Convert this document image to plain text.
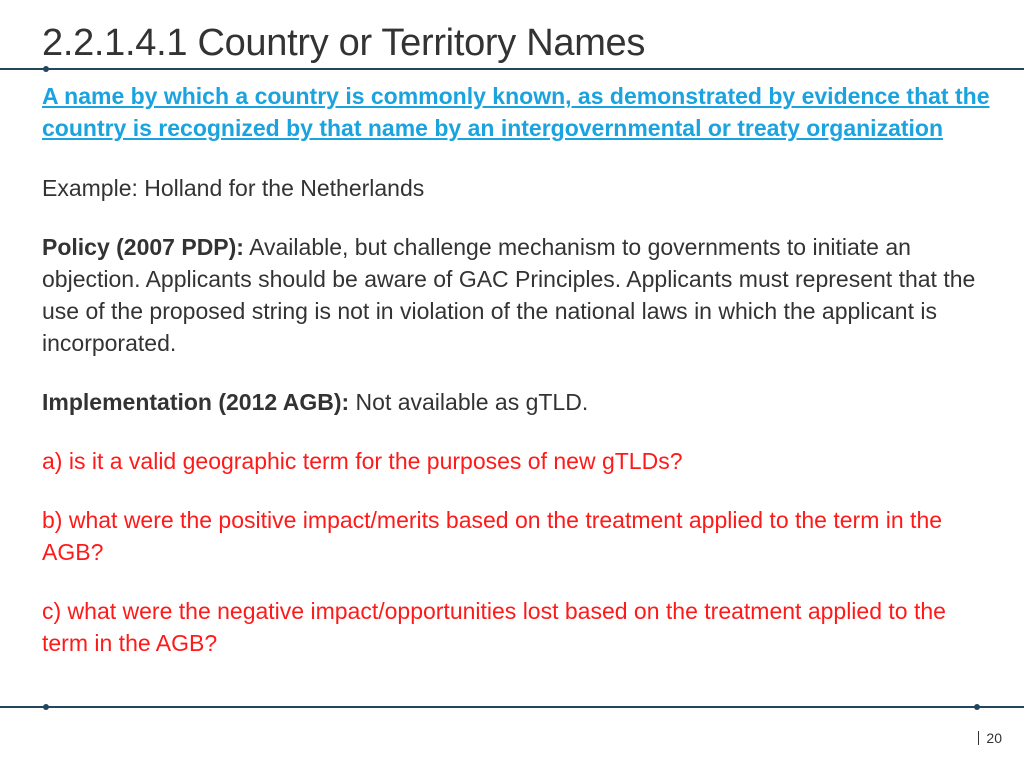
2.2.1.4.1 Country or Territory Names
A name by which a country is commonly known, as demonstrated by evidence that the country is recognized by that name by an intergovernmental or treaty organization

Example: Holland for the Netherlands

Policy (2007 PDP): Available, but challenge mechanism to governments to initiate an objection. Applicants should be aware of GAC Principles. Applicants must represent that the use of the proposed string is not in violation of the national laws in which the applicant is incorporated.

Implementation (2012 AGB): Not available as gTLD.

a) is it a valid geographic term for the purposes of new gTLDs?

b) what were the positive impact/merits based on the treatment applied to the term in the AGB?

c) what were the negative impact/opportunities lost based on the treatment applied to the term in the AGB?

20
